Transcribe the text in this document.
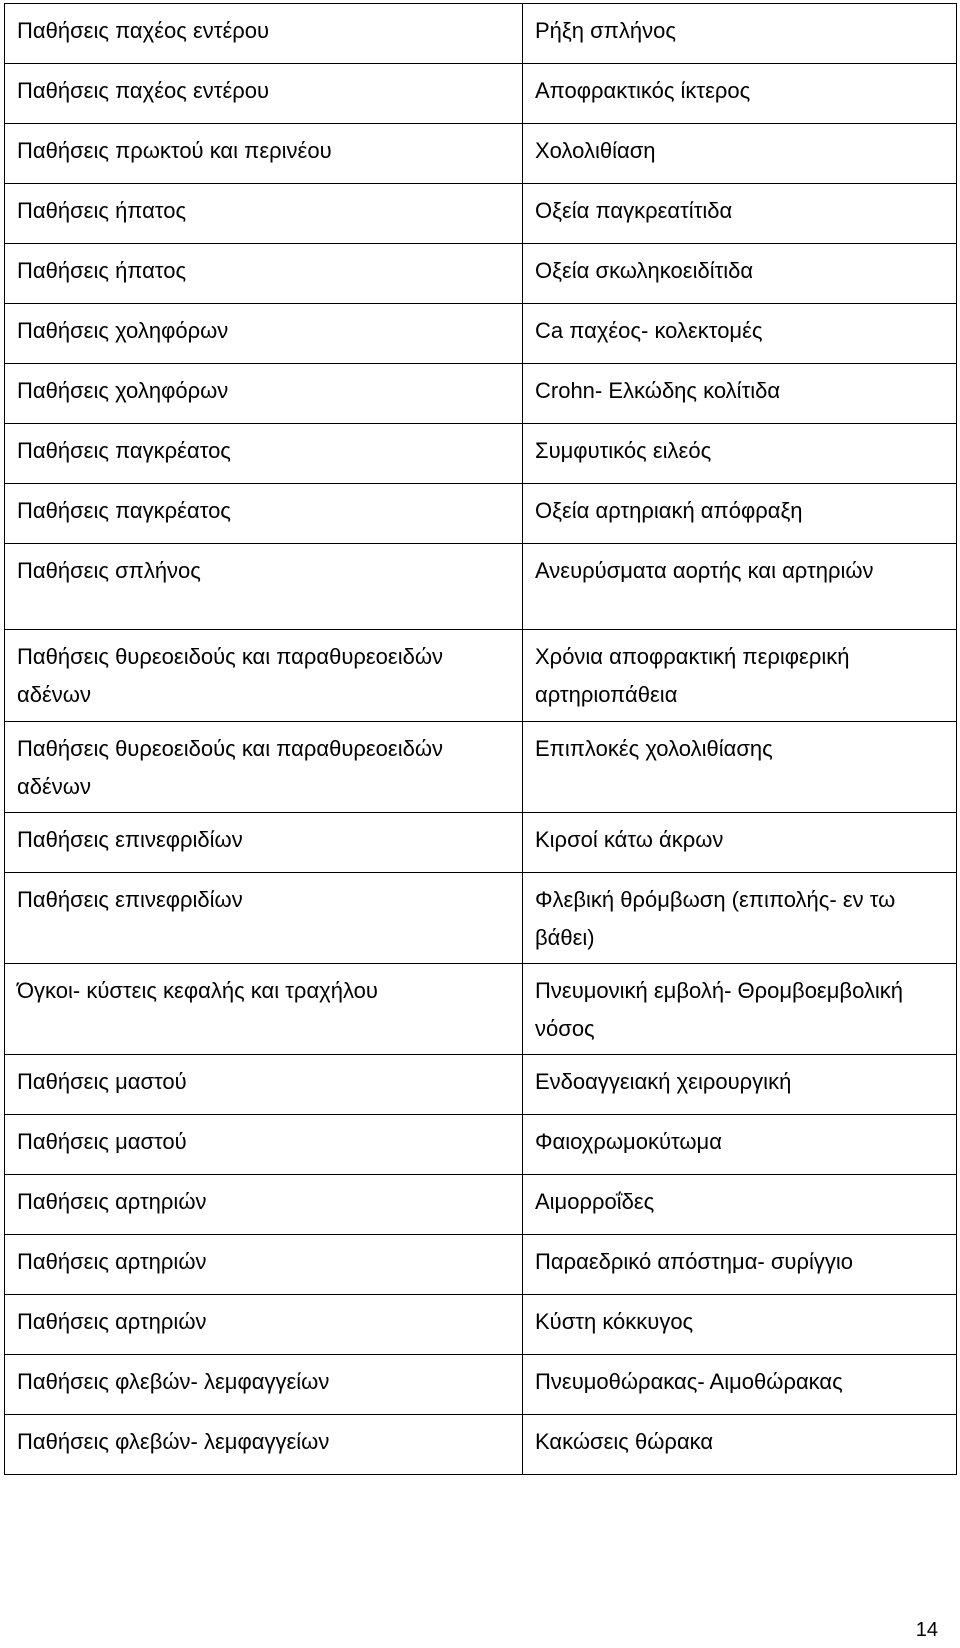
Παθήσεις παχέος εντέρου	Ρήξη σπλήνος
Παθήσεις παχέος εντέρου	Αποφρακτικός ίκτερος
Παθήσεις πρωκτού και περινέου	Χολολιθίαση
Παθήσεις ήπατος	Οξεία παγκρεατίτιδα
Παθήσεις ήπατος	Οξεία σκωληκοειδίτιδα
Παθήσεις χοληφόρων	Ca παχέος- κολεκτομές
Παθήσεις χοληφόρων	Crohn- Ελκώδης κολίτιδα
Παθήσεις παγκρέατος	Συμφυτικός ειλεός
Παθήσεις παγκρέατος	Οξεία αρτηριακή απόφραξη
Παθήσεις σπλήνος	Ανευρύσματα αορτής και αρτηριών
Παθήσεις θυρεοειδούς και παραθυρεοειδών αδένων	Χρόνια αποφρακτική περιφερική αρτηριοπάθεια
Παθήσεις θυρεοειδούς και παραθυρεοειδών αδένων	Επιπλοκές χολολιθίασης
Παθήσεις επινεφριδίων	Κιρσοί κάτω άκρων
Παθήσεις επινεφριδίων	Φλεβική θρόμβωση (επιπολής- εν τω βάθει)
Όγκοι- κύστεις κεφαλής και τραχήλου	Πνευμονική εμβολή- Θρομβοεμβολική νόσος
Παθήσεις μαστού	Ενδοαγγειακή χειρουργική
Παθήσεις μαστού	Φαιοχρωμοκύτωμα
Παθήσεις αρτηριών	Αιμορροΐδες
Παθήσεις αρτηριών	Παραεδρικό απόστημα- συρίγγιο
Παθήσεις αρτηριών	Κύστη κόκκυγος
Παθήσεις φλεβών- λεμφαγγείων	Πνευμοθώρακας- Αιμοθώρακας
Παθήσεις φλεβών- λεμφαγγείων	Κακώσεις θώρακα
14
